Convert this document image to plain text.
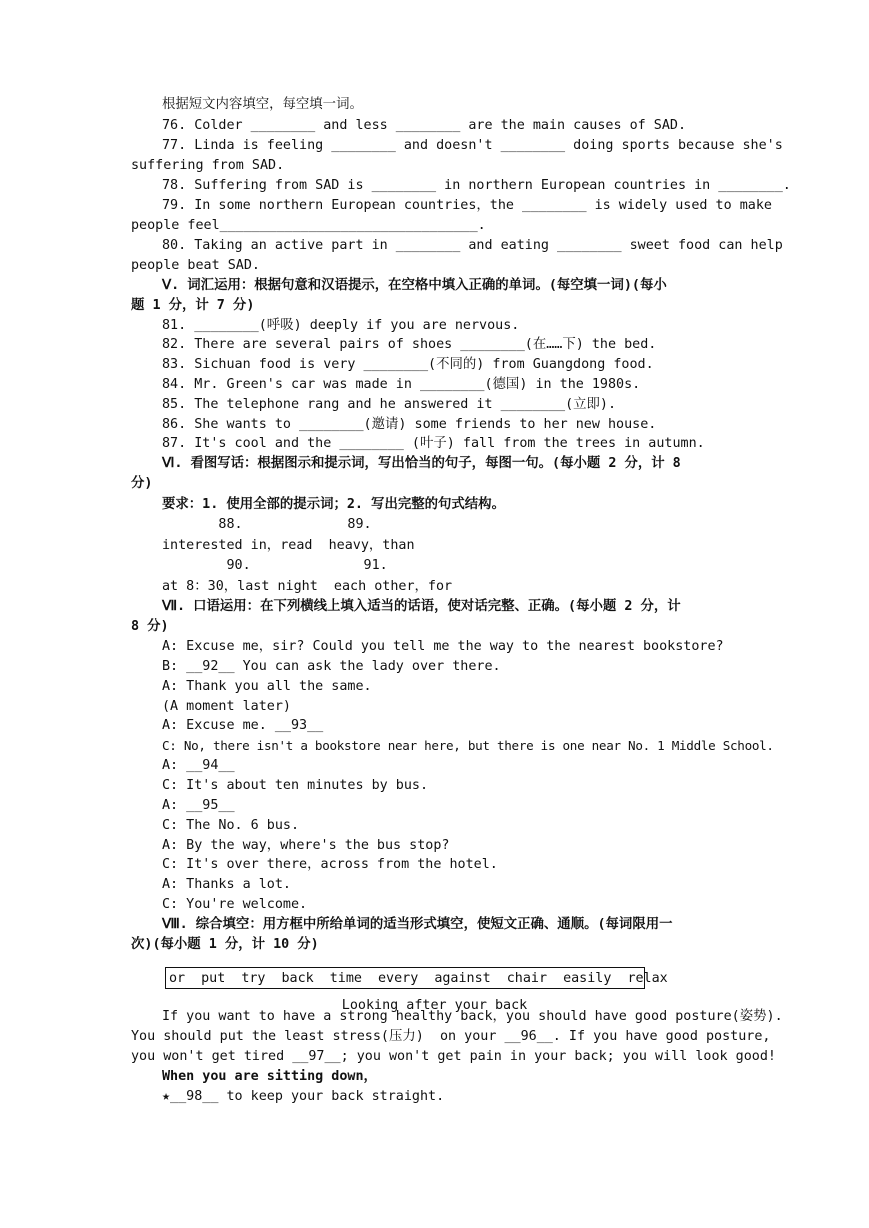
根据短文内容填空，每空填一词。
76. Colder ________ and less ________ are the main causes of SAD.
77. Linda is feeling ________ and doesn't ________ doing sports because she's
suffering from SAD.
78. Suffering from SAD is ________ in northern European countries in ________.
79. In some northern European countries，the ________ is widely used to make
people feel________________________________.
80. Taking an active part in ________ and eating ________ sweet food can help
people beat SAD.
Ⅴ. 词汇运用：根据句意和汉语提示，在空格中填入正确的单词。(每空填一词)(每小
题 1 分，计 7 分)
81. ________(呼吸) deeply if you are nervous.
82. There are several pairs of shoes ________(在……下) the bed.
83. Sichuan food is very ________(不同的) from Guangdong food.
84. Mr. Green's car was made in ________(德国) in the 1980s.
85. The telephone rang and he answered it ________(立即).
86. She wants to ________(邀请) some friends to her new house.
87. It's cool and the ________ (叶子) fall from the trees in autumn.
Ⅵ. 看图写话：根据图示和提示词，写出恰当的句子，每图一句。(每小题 2 分，计 8
分)
要求：1. 使用全部的提示词；2. 写出完整的句式结构。
88.             89.
interested in，read  heavy，than
90.              91.
at 8：30，last night  each other，for
Ⅶ. 口语运用：在下列横线上填入适当的话语，使对话完整、正确。(每小题 2 分，计
8 分)
A: Excuse me，sir? Could you tell me the way to the nearest bookstore?
B: __92__ You can ask the lady over there.
A: Thank you all the same.
(A moment later)
A: Excuse me. __93__
C: No, there isn't a bookstore near here, but there is one near No. 1 Middle School.
A: __94__
C: It's about ten minutes by bus.
A: __95__
C: The No. 6 bus.
A: By the way，where's the bus stop?
C: It's over there，across from the hotel.
A: Thanks a lot.
C: You're welcome.
Ⅷ. 综合填空：用方框中所给单词的适当形式填空，使短文正确、通顺。(每词限用一
次)(每小题 1 分，计 10 分)
If you want to have a strong healthy back，you should have good posture(姿势).
You should put the least stress(压力)  on your __96__. If you have good posture,
you won't get tired __97__; you won't get pain in your back; you will look good!
When you are sitting down，
★__98__ to keep your back straight.
or put try back time every against chair easily relax
Looking after your back
